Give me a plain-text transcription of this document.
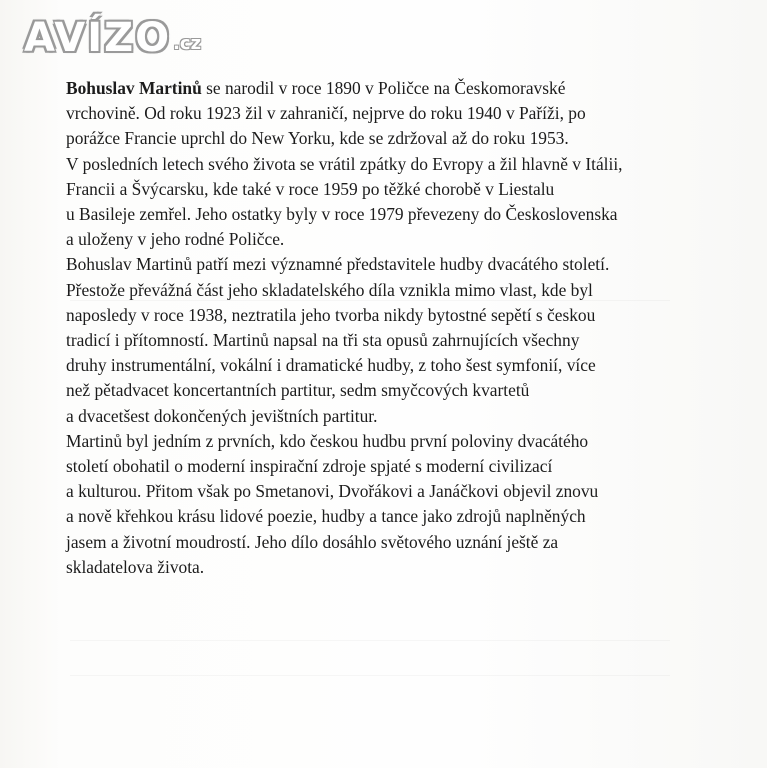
AVÍZO .cz
Bohuslav Martinů se narodil v roce 1890 v Poličce na Českomoravské
vrchovině. Od roku 1923 žil v zahraničí, nejprve do roku 1940 v Paříži, po
porážce Francie uprchl do New Yorku, kde se zdržoval až do roku 1953.
V posledních letech svého života se vrátil zpátky do Evropy a žil hlavně v Itálii,
Francii a Švýcarsku, kde také v roce 1959 po těžké chorobě v Liestalu
u Basileje zemřel. Jeho ostatky byly v roce 1979 převezeny do Československa
a uloženy v jeho rodné Poličce.
Bohuslav Martinů patří mezi významné představitele hudby dvacátého století.
Přestože převážná část jeho skladatelského díla vznikla mimo vlast, kde byl
naposledy v roce 1938, neztratila jeho tvorba nikdy bytostné sepětí s českou
tradicí i přítomností. Martinů napsal na tři sta opusů zahrnujících všechny
druhy instrumentální, vokální i dramatické hudby, z toho šest symfonií, více
než pětadvacet koncertantních partitur, sedm smyčcových kvartetů
a dvacetšest dokončených jevištních partitur.
Martinů byl jedním z prvních, kdo českou hudbu první poloviny dvacátého
století obohatil o moderní inspirační zdroje spjaté s moderní civilizací
a kulturou. Přitom však po Smetanovi, Dvořákovi a Janáčkovi objevil znovu
a nově křehkou krásu lidové poezie, hudby a tance jako zdrojů naplněných
jasem a životní moudrostí. Jeho dílo dosáhlo světového uznání ještě za
skladatelova života.
